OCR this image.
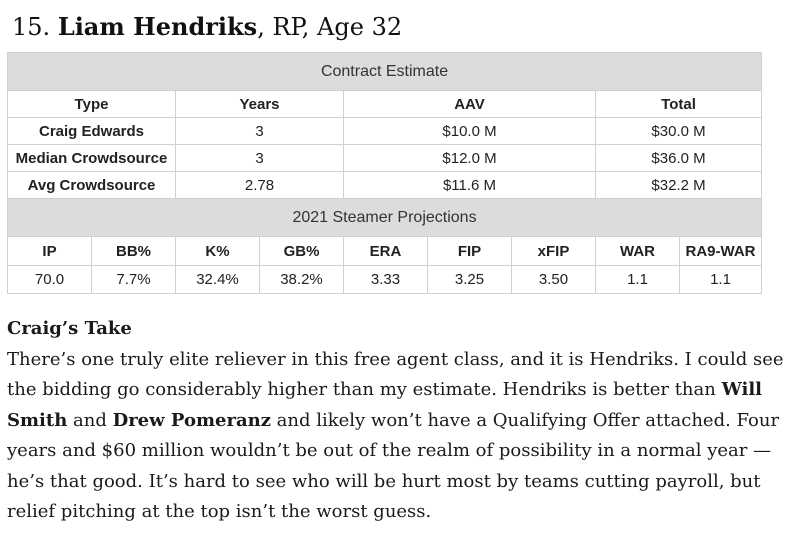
15. Liam Hendriks, RP, Age 32
Contract Estimate								
Type		Years		AAV			Total	
Craig Edwards		3		$10.0 M			$30.0 M	
Median Crowdsource		3		$12.0 M			$36.0 M	
Avg Crowdsource		2.78		$11.6 M			$32.2 M	
2021 Steamer Projections								
IP	BB%	K%	GB%	ERA	FIP	xFIP	WAR	RA9-WAR
70.0	7.7%	32.4%	38.2%	3.33	3.25	3.50	1.1	1.1
Craig’s Take
There’s one truly elite reliever in this free agent class, and it is Hendriks. I could see the bidding go considerably higher than my estimate. Hendriks is better than Will Smith and Drew Pomeranz and likely won’t have a Qualifying Offer attached. Four years and $60 million wouldn’t be out of the realm of possibility in a normal year — he’s that good. It’s hard to see who will be hurt most by teams cutting payroll, but relief pitching at the top isn’t the worst guess.
